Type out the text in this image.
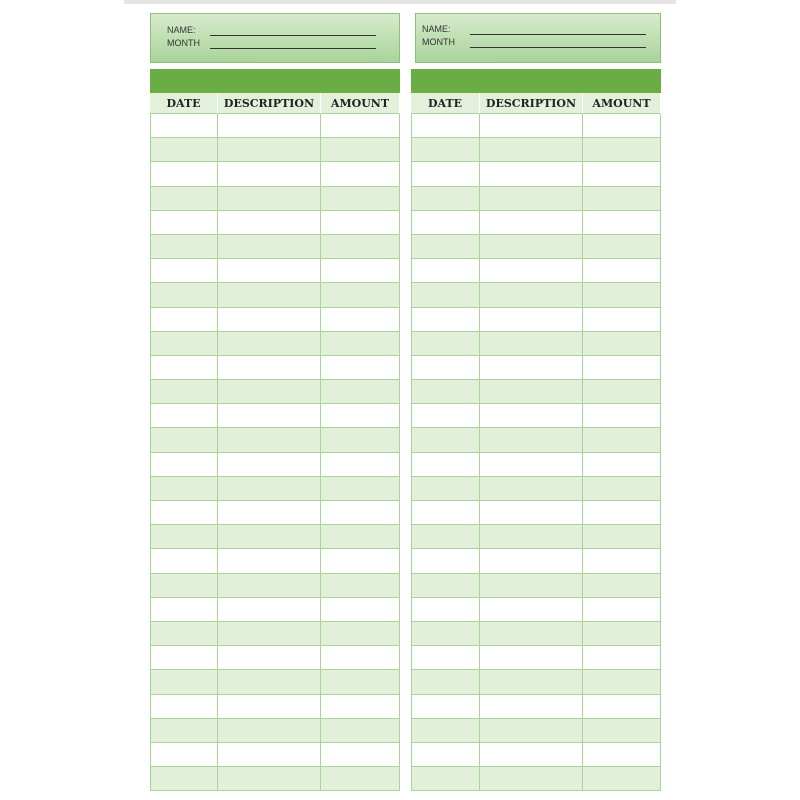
NAME:
MONTH
DATE	DESCRIPTION	AMOUNT
NAME:
MONTH
DATE	DESCRIPTION	AMOUNT
